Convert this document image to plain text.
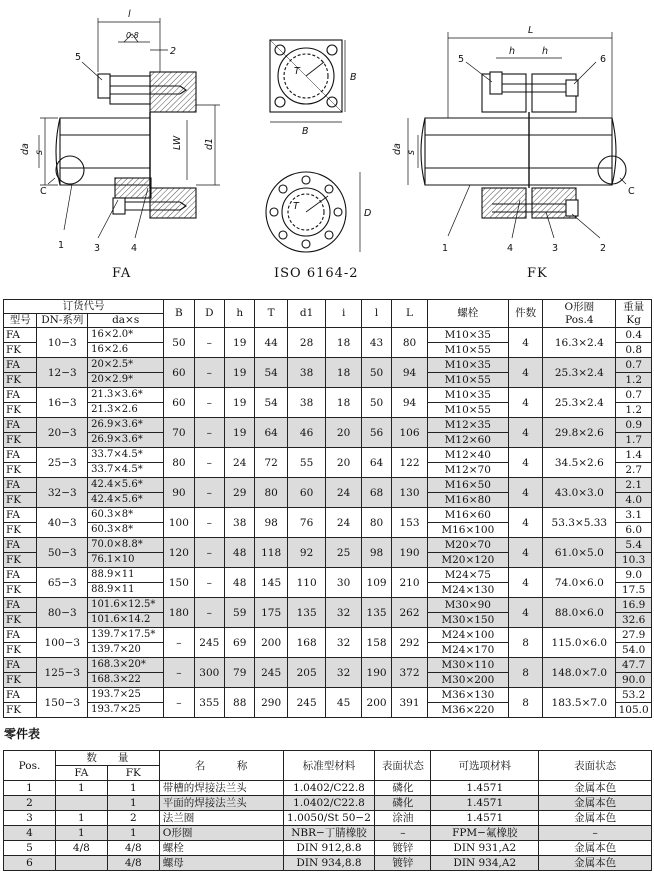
l
0.8
2
5
da s
LW d1
C
1	3	4
B
T
B
T
D
L
h	h
5	6
da s
C
1	4	3	2
FA	ISO 6164-2	FK
订货代号			B	D	h	T	d1	i	l	L	螺栓	件数	O形圈
Pos.4	重量
Kg
型号	DN-系列	da×s												
FA	10−3	16×2.0*	50	–	19	44	28	18	43	80	M10×35	4	16.3×2.4	0.4
FK		16×2.6									M10×55			0.8
FA	12−3	20×2.5*	60	–	19	54	38	18	50	94	M10×35	4	25.3×2.4	0.7
FK		20×2.9*									M10×55			1.2
FA	16−3	21.3×3.6*	60	–	19	54	38	18	50	94	M10×35	4	25.3×2.4	0.7
FK		21.3×2.6									M10×55			1.2
FA	20−3	26.9×3.6*	70	–	19	64	46	20	56	106	M12×35	4	29.8×2.6	0.9
FK		26.9×3.6*									M12×60			1.7
FA	25−3	33.7×4.5*	80	–	24	72	55	20	64	122	M12×40	4	34.5×2.6	1.4
FK		33.7×4.5*									M12×70			2.7
FA	32−3	42.4×5.6*	90	–	29	80	60	24	68	130	M16×50	4	43.0×3.0	2.1
FK		42.4×5.6*									M16×80			4.0
FA	40−3	60.3×8*	100	–	38	98	76	24	80	153	M16×60	4	53.3×5.33	3.1
FK		60.3×8*									M16×100			6.0
FA	50−3	70.0×8.8*	120	–	48	118	92	25	98	190	M20×70	4	61.0×5.0	5.4
FK		76.1×10									M20×120			10.3
FA	65−3	88.9×11	150	–	48	145	110	30	109	210	M24×75	4	74.0×6.0	9.0
FK		88.9×11									M24×130			17.5
FA	80−3	101.6×12.5*	180	–	59	175	135	32	135	262	M30×90	4	88.0×6.0	16.9
FK		101.6×14.2									M30×150			32.6
FA	100−3	139.7×17.5*	–	245	69	200	168	32	158	292	M24×100	8	115.0×6.0	27.9
FK		139.7×20									M24×170			54.0
FA	125−3	168.3×20*	–	300	79	245	205	32	190	372	M30×110	8	148.0×7.0	47.7
FK		168.3×22									M30×200			90.0
FA	150−3	193.7×25	–	355	88	290	245	45	200	391	M36×130	8	183.5×7.0	53.2
FK		193.7×25									M36×220			105.0
零件表
Pos.	数　　量		名　　　称	标准型材料	表面状态	可选项材料	表面状态
	FA	FK					
1	1	1	带槽的焊接法兰头	1.0402/C22.8	磷化	1.4571	金属本色
2		1	平面的焊接法兰头	1.0402/C22.8	磷化	1.4571	金属本色
3	1	2	法兰圈	1.0050/St 50−2	涂油	1.4571	金属本色
4	1	1	O形圈	NBR−丁腈橡胶	–	FPM−氟橡胶	–
5	4/8	4/8	螺栓	DIN 912,8.8	镀锌	DIN 931,A2	金属本色
6		4/8	螺母	DIN 934,8.8	镀锌	DIN 934,A2	金属本色
